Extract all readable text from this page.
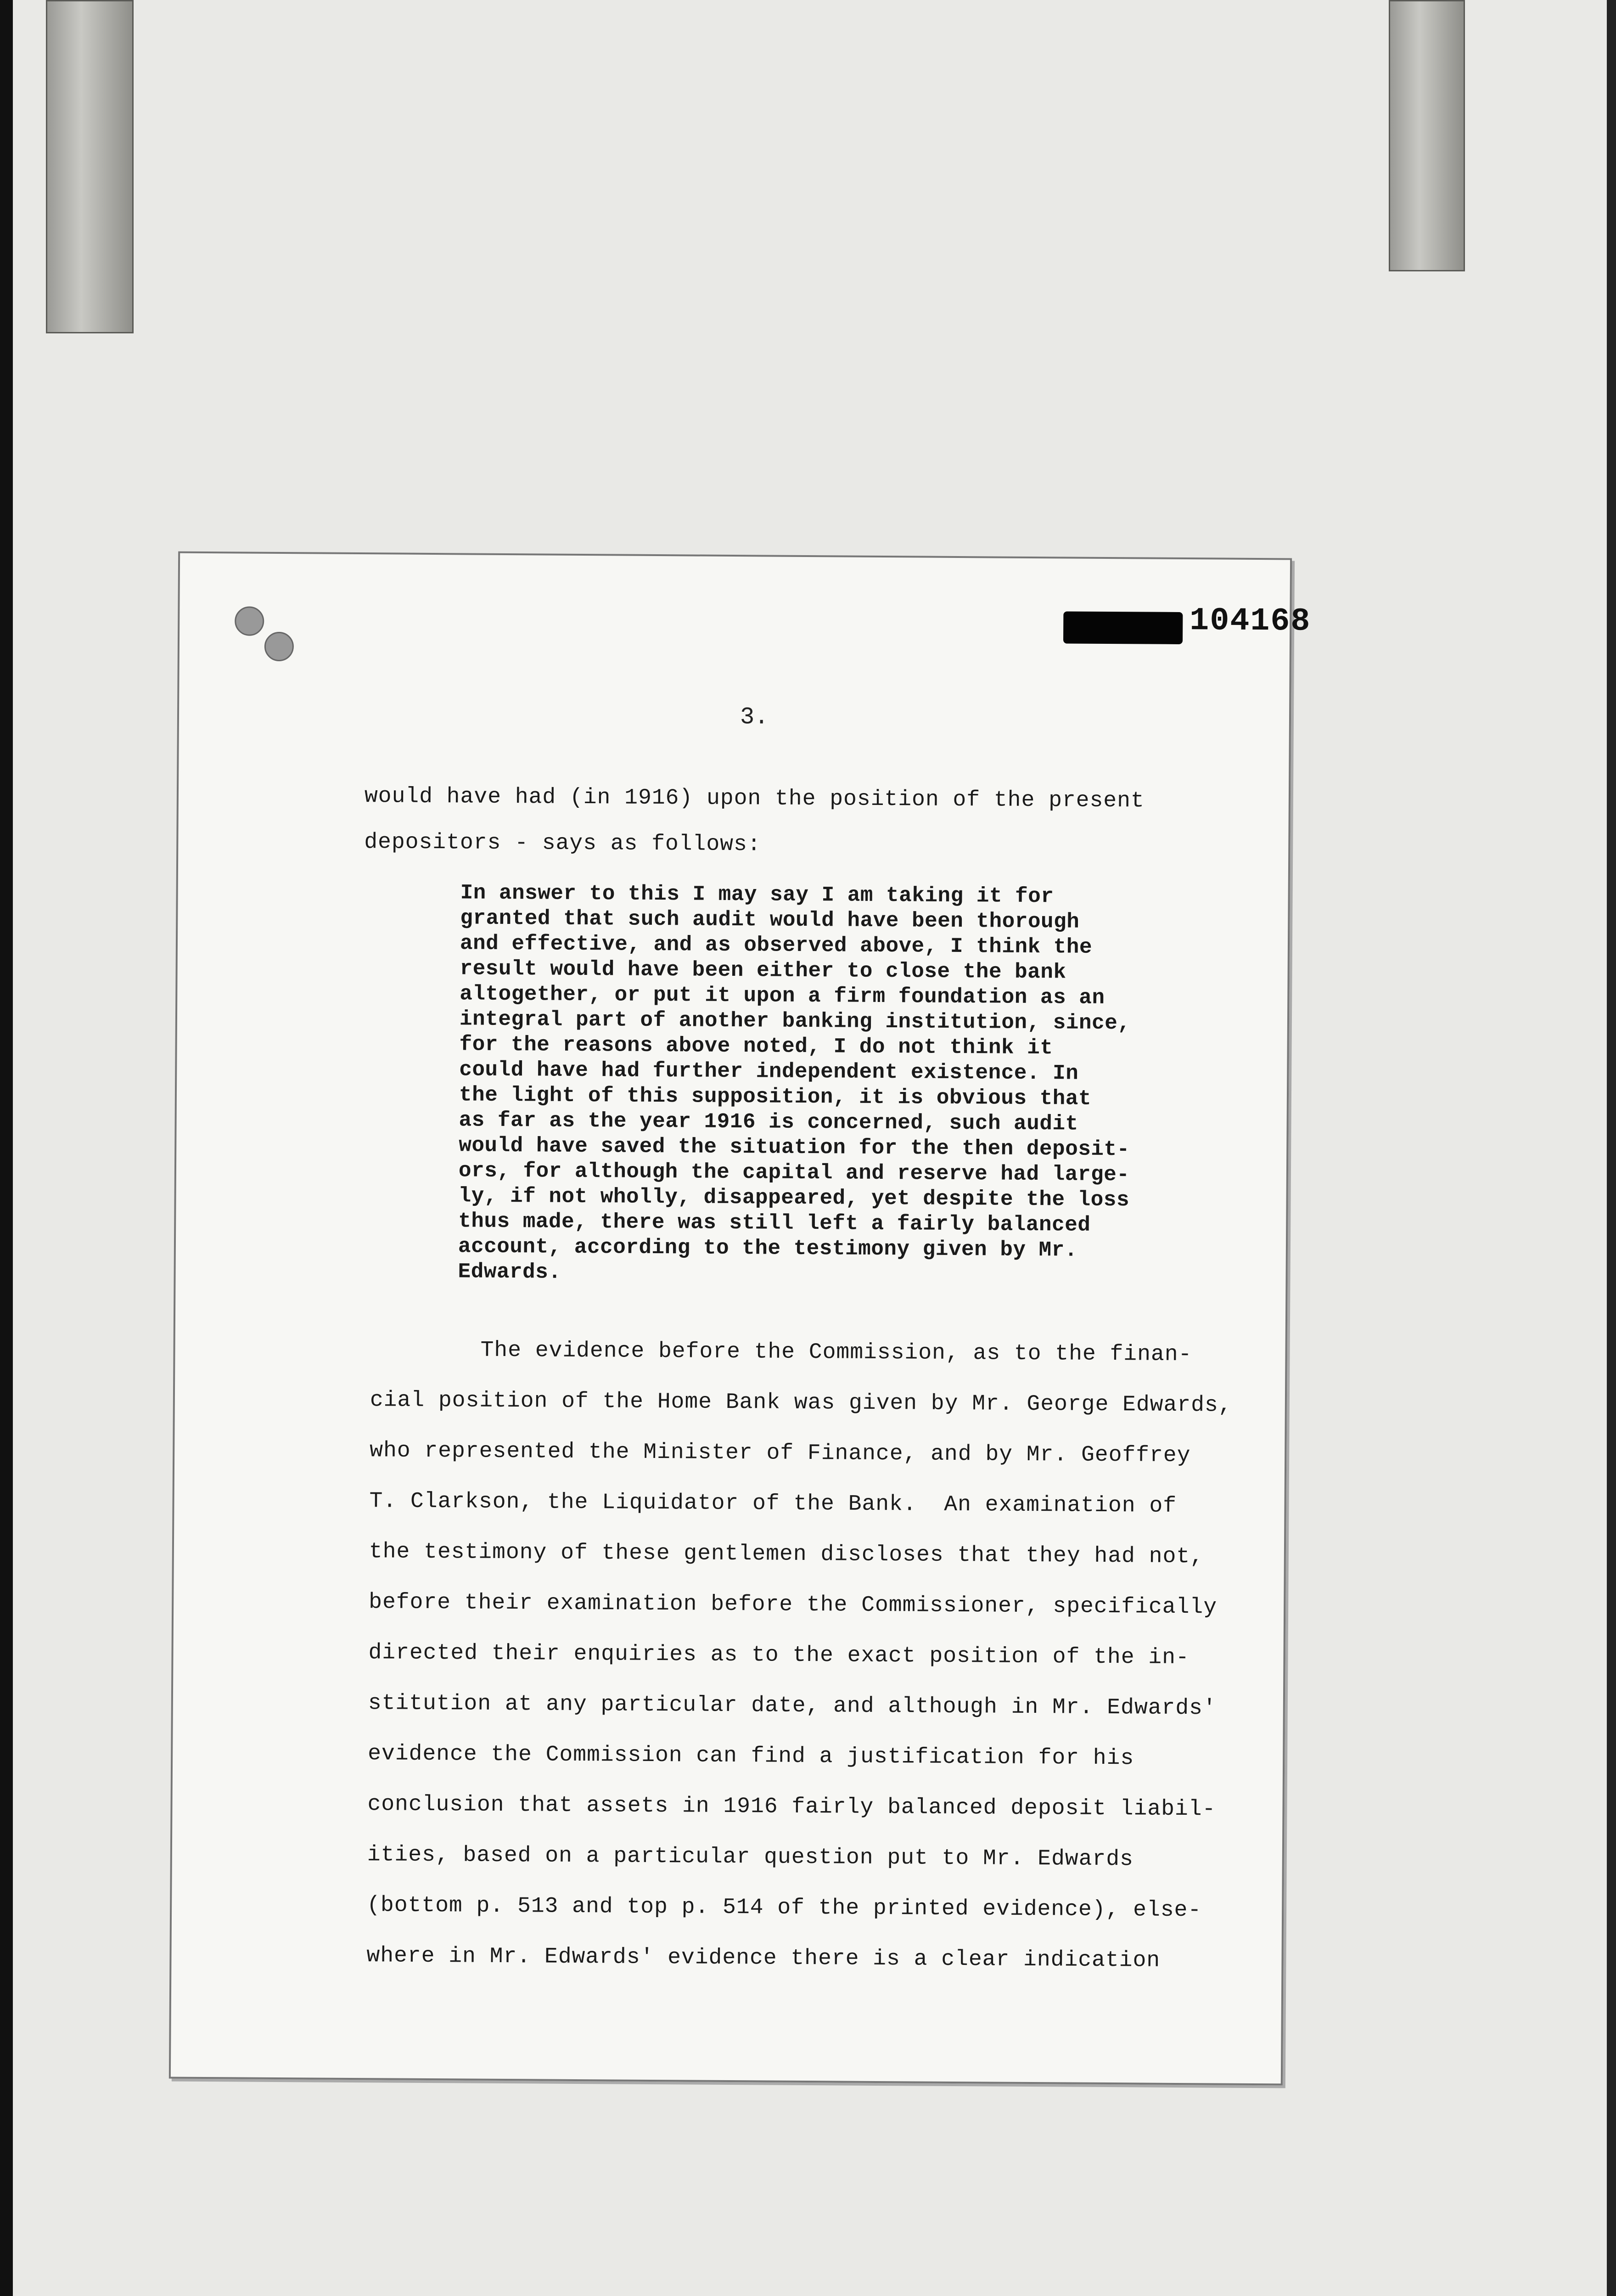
104168
3.
would have had (in 1916) upon the position of the present
depositors - says as follows:
In answer to this I may say I am taking it for
granted that such audit would have been thorough
and effective, and as observed above, I think the
result would have been either to close the bank
altogether, or put it upon a firm foundation as an
integral part of another banking institution, since,
for the reasons above noted, I do not think it
could have had further independent existence. In
the light of this supposition, it is obvious that
as far as the year 1916 is concerned, such audit
would have saved the situation for the then deposit-
ors, for although the capital and reserve had large-
ly, if not wholly, disappeared, yet despite the loss
thus made, there was still left a fairly balanced
account, according to the testimony given by Mr.
Edwards.
The evidence before the Commission, as to the finan-
cial position of the Home Bank was given by Mr. George Edwards,
who represented the Minister of Finance, and by Mr. Geoffrey
T. Clarkson, the Liquidator of the Bank.  An examination of
the testimony of these gentlemen discloses that they had not,
before their examination before the Commissioner, specifically
directed their enquiries as to the exact position of the in-
stitution at any particular date, and although in Mr. Edwards'
evidence the Commission can find a justification for his
conclusion that assets in 1916 fairly balanced deposit liabil-
ities, based on a particular question put to Mr. Edwards
(bottom p. 513 and top p. 514 of the printed evidence), else-
where in Mr. Edwards' evidence there is a clear indication
